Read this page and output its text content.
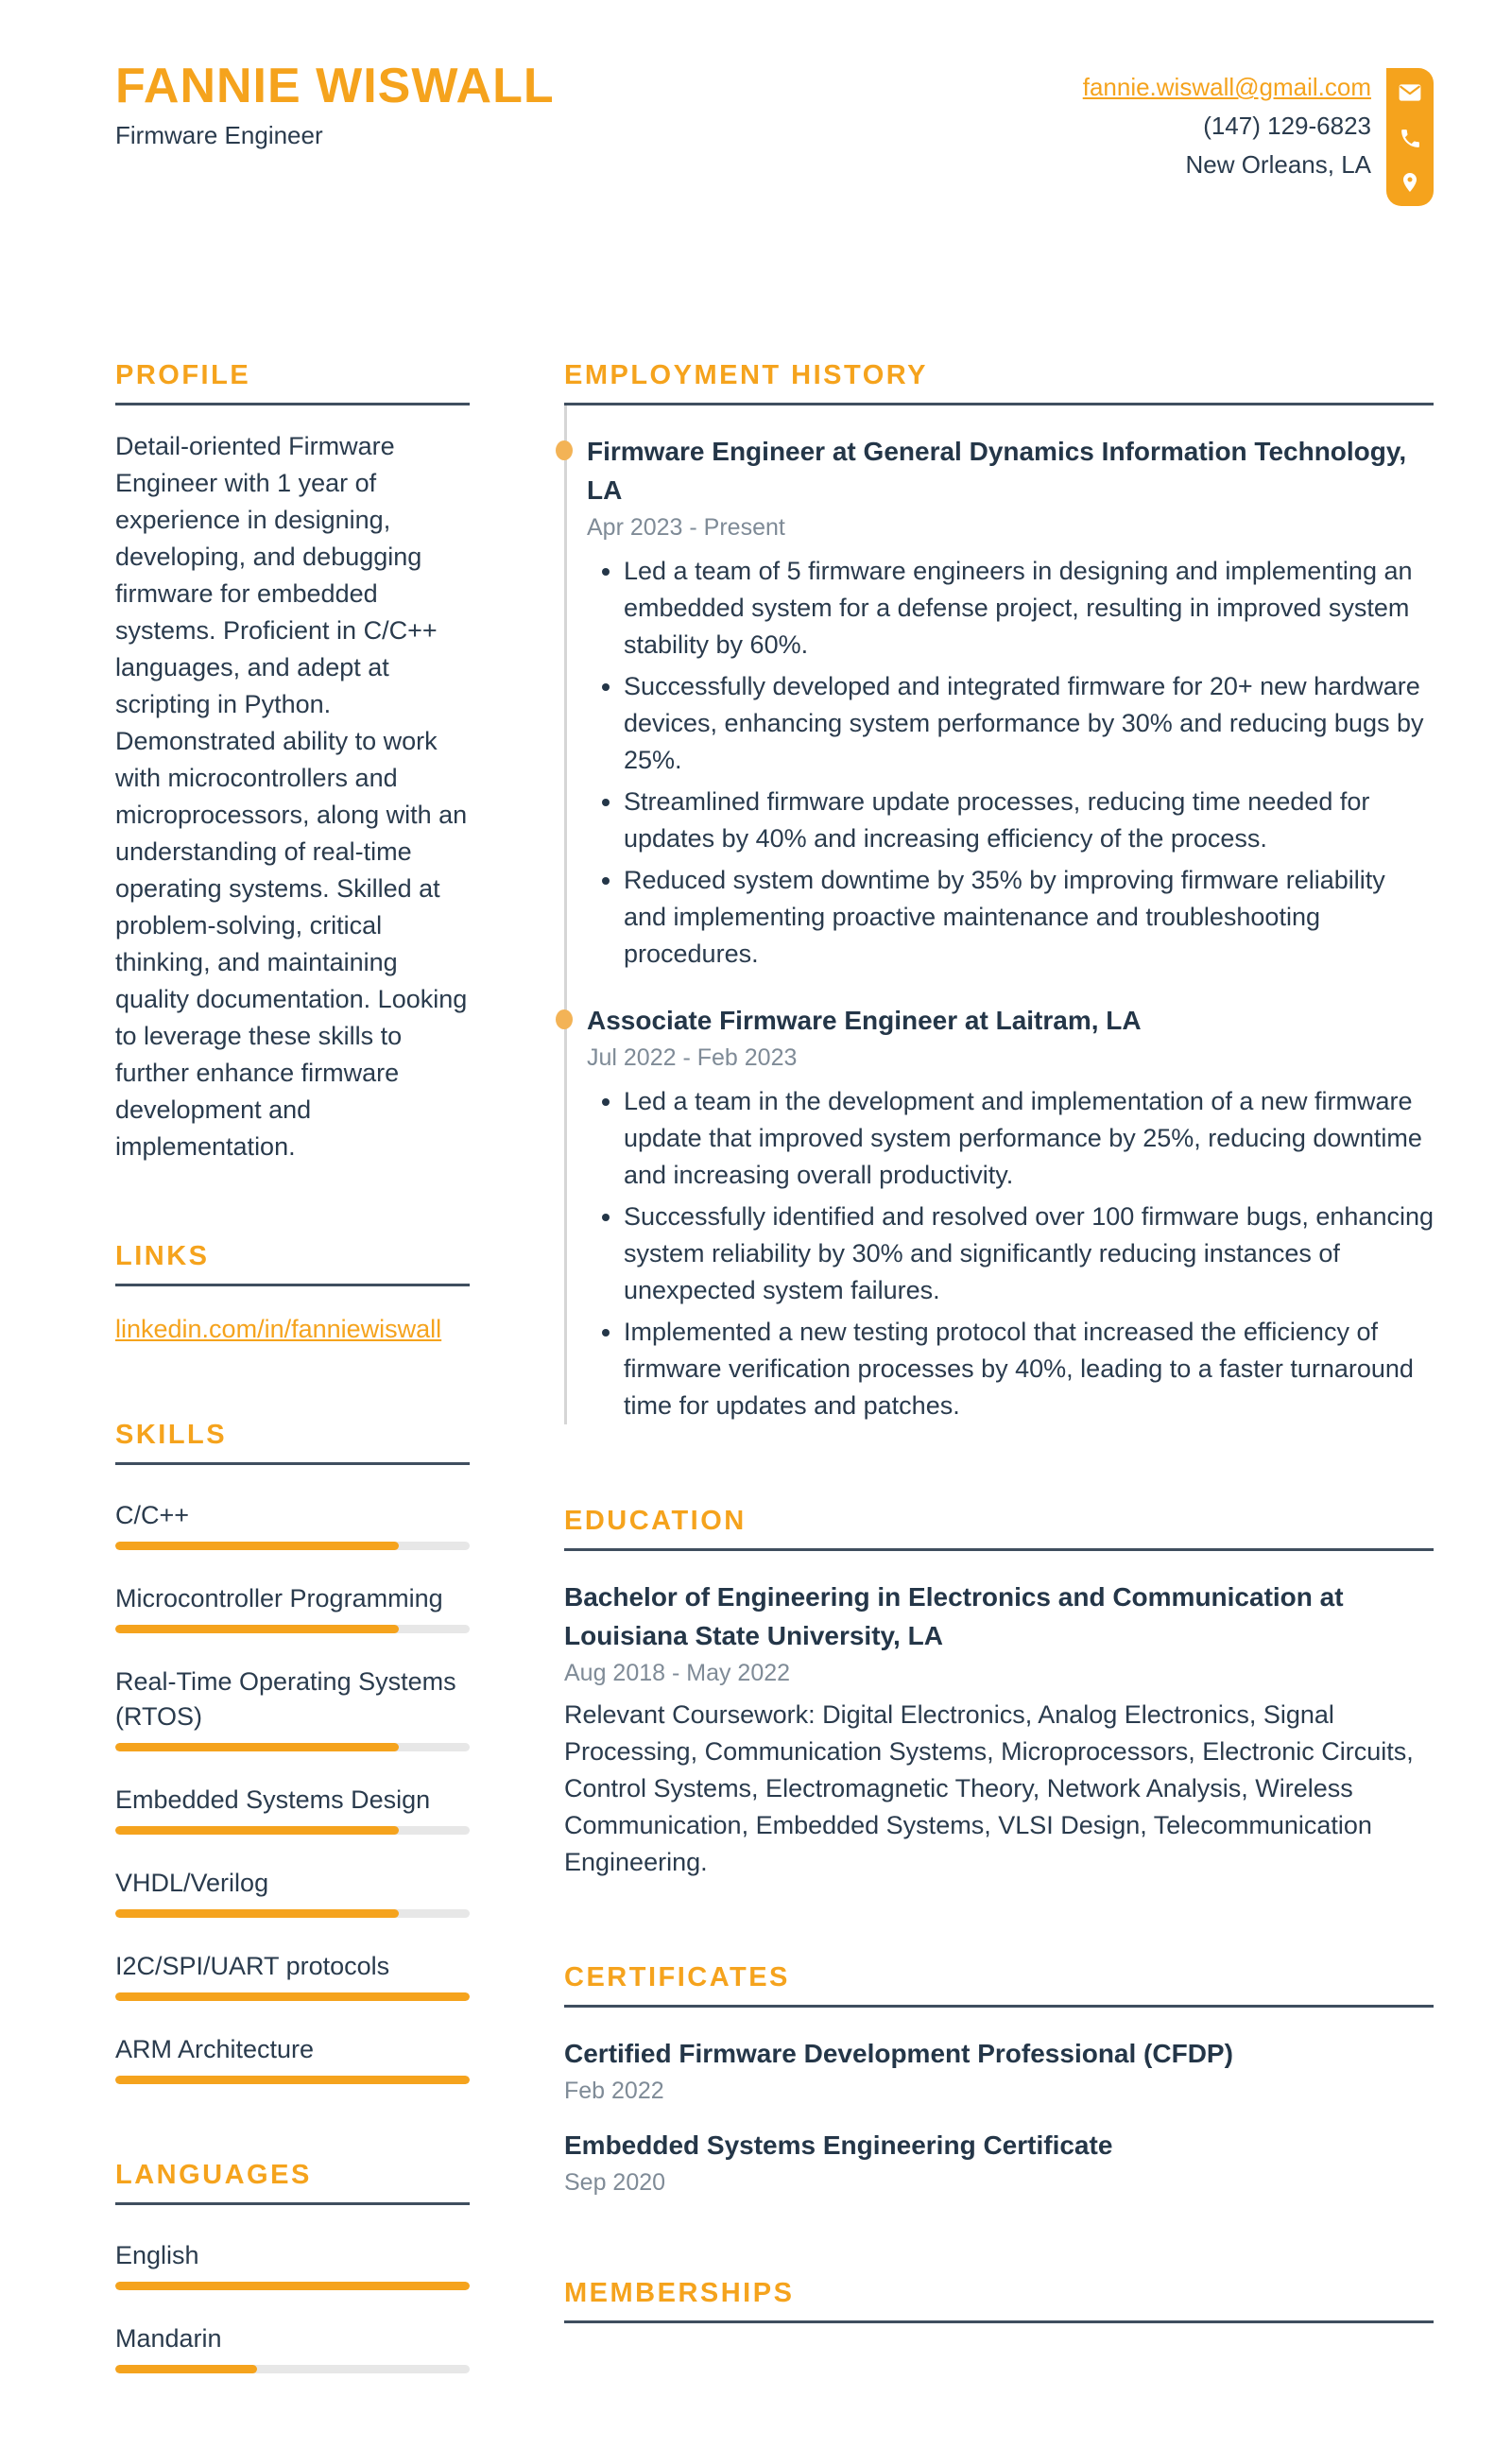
FANNIE WISWALL
Firmware Engineer
fannie.wiswall@gmail.com
(147) 129-6823
New Orleans, LA
PROFILE

Detail-oriented Firmware Engineer with 1 year of experience in designing, developing, and debugging firmware for embedded systems. Proficient in C/C++ languages, and adept at scripting in Python. Demonstrated ability to work with microcontrollers and microprocessors, along with an understanding of real-time operating systems. Skilled at problem-solving, critical thinking, and maintaining quality documentation. Looking to leverage these skills to further enhance firmware development and implementation.

LINKS
linkedin.com/in/fanniewiswall
SKILLS
C/C++
Microcontroller Programming
Real-Time Operating Systems (RTOS)
Embedded Systems Design
VHDL/Verilog
I2C/SPI/UART protocols
ARM Architecture
LANGUAGES
English
Mandarin
EMPLOYMENT HISTORY
Firmware Engineer at General Dynamics Information Technology, LA
Apr 2023 - Present
• Led a team of 5 firmware engineers in designing and implementing an embedded system for a defense project, resulting in improved system stability by 60%.
• Successfully developed and integrated firmware for 20+ new hardware devices, enhancing system performance by 30% and reducing bugs by 25%.
• Streamlined firmware update processes, reducing time needed for updates by 40% and increasing efficiency of the process.
• Reduced system downtime by 35% by improving firmware reliability and implementing proactive maintenance and troubleshooting procedures.
Associate Firmware Engineer at Laitram, LA
Jul 2022 - Feb 2023
• Led a team in the development and implementation of a new firmware update that improved system performance by 25%, reducing downtime and increasing overall productivity.
• Successfully identified and resolved over 100 firmware bugs, enhancing system reliability by 30% and significantly reducing instances of unexpected system failures.
• Implemented a new testing protocol that increased the efficiency of firmware verification processes by 40%, leading to a faster turnaround time for updates and patches.
EDUCATION
Bachelor of Engineering in Electronics and Communication at Louisiana State University, LA
Aug 2018 - May 2022

Relevant Coursework: Digital Electronics, Analog Electronics, Signal Processing, Communication Systems, Microprocessors, Electronic Circuits, Control Systems, Electromagnetic Theory, Network Analysis, Wireless Communication, Embedded Systems, VLSI Design, Telecommunication Engineering.

CERTIFICATES
Certified Firmware Development Professional (CFDP)
Feb 2022
Embedded Systems Engineering Certificate
Sep 2020
MEMBERSHIPS
